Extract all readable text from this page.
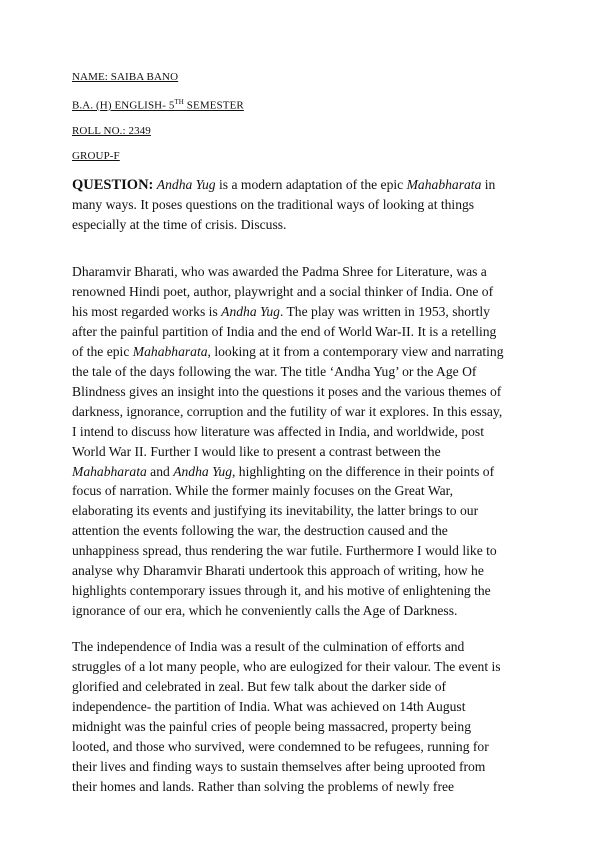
NAME: SAIBA BANO
B.A. (H) ENGLISH- 5TH SEMESTER
ROLL NO.: 2349
GROUP-F
QUESTION: Andha Yug is a modern adaptation of the epic Mahabharata in many ways. It poses questions on the traditional ways of looking at things especially at the time of crisis. Discuss.
Dharamvir Bharati, who was awarded the Padma Shree for Literature, was a
renowned Hindi poet, author, playwright and a social thinker of India. One of
his most regarded works is Andha Yug. The play was written in 1953, shortly
after the painful partition of India and the end of World War-II. It is a retelling
of the epic Mahabharata, looking at it from a contemporary view and narrating
the tale of the days following the war. The title ‘Andha Yug’ or the Age Of
Blindness gives an insight into the questions it poses and the various themes of
darkness, ignorance, corruption and the futility of war it explores. In this essay,
I intend to discuss how literature was affected in India, and worldwide, post
World War II. Further I would like to present a contrast between the
Mahabharata and Andha Yug, highlighting on the difference in their points of
focus of narration. While the former mainly focuses on the Great War,
elaborating its events and justifying its inevitability, the latter brings to our
attention the events following the war, the destruction caused and the
unhappiness spread, thus rendering the war futile. Furthermore I would like to
analyse why Dharamvir Bharati undertook this approach of writing, how he
highlights contemporary issues through it, and his motive of enlightening the
ignorance of our era, which he conveniently calls the Age of Darkness.
The independence of India was a result of the culmination of efforts and
struggles of a lot many people, who are eulogized for their valour. The event is
glorified and celebrated in zeal. But few talk about the darker side of
independence- the partition of India. What was achieved on 14th August
midnight was the painful cries of people being massacred, property being
looted, and those who survived, were condemned to be refugees, running for
their lives and finding ways to sustain themselves after being uprooted from
their homes and lands. Rather than solving the problems of newly free
